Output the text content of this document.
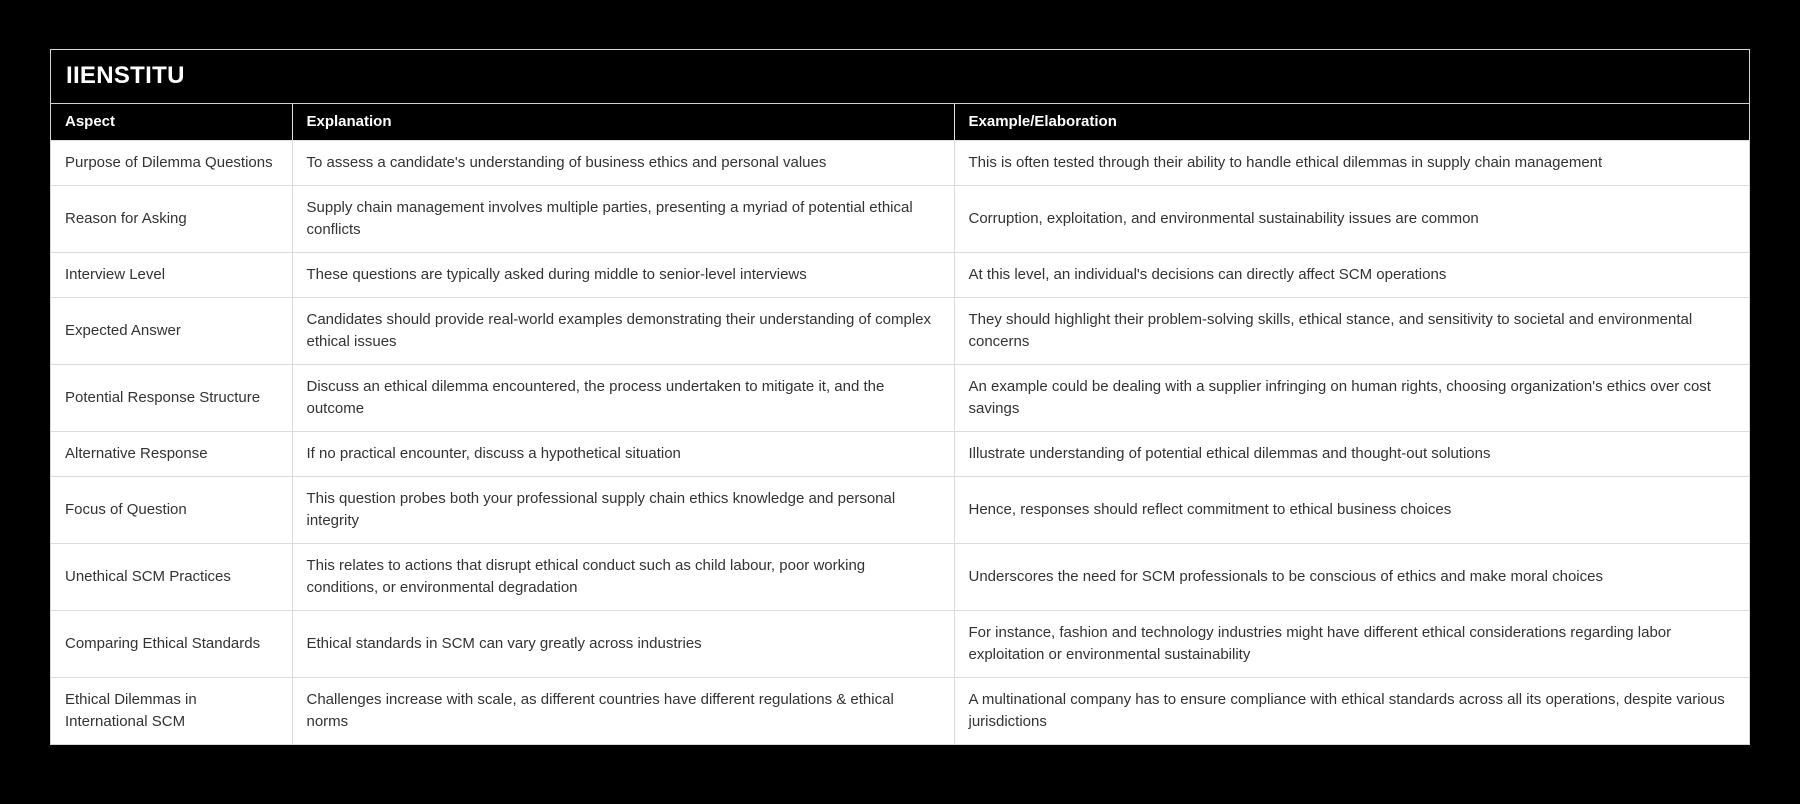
IIENSTITU
Aspect	Explanation	Example/Elaboration
Purpose of Dilemma Questions	To assess a candidate's understanding of business ethics and personal values	This is often tested through their ability to handle ethical dilemmas in supply chain management
Reason for Asking	Supply chain management involves multiple parties, presenting a myriad of potential ethical conflicts	Corruption, exploitation, and environmental sustainability issues are common
Interview Level	These questions are typically asked during middle to senior-level interviews	At this level, an individual's decisions can directly affect SCM operations
Expected Answer	Candidates should provide real-world examples demonstrating their understanding of complex ethical issues	They should highlight their problem-solving skills, ethical stance, and sensitivity to societal and environmental concerns
Potential Response Structure	Discuss an ethical dilemma encountered, the process undertaken to mitigate it, and the outcome	An example could be dealing with a supplier infringing on human rights, choosing organization's ethics over cost savings
Alternative Response	If no practical encounter, discuss a hypothetical situation	Illustrate understanding of potential ethical dilemmas and thought-out solutions
Focus of Question	This question probes both your professional supply chain ethics knowledge and personal integrity	Hence, responses should reflect commitment to ethical business choices
Unethical SCM Practices	This relates to actions that disrupt ethical conduct such as child labour, poor working conditions, or environmental degradation	Underscores the need for SCM professionals to be conscious of ethics and make moral choices
Comparing Ethical Standards	Ethical standards in SCM can vary greatly across industries	For instance, fashion and technology industries might have different ethical considerations regarding labor exploitation or environmental sustainability
Ethical Dilemmas in International SCM	Challenges increase with scale, as different countries have different regulations & ethical norms	A multinational company has to ensure compliance with ethical standards across all its operations, despite various jurisdictions
